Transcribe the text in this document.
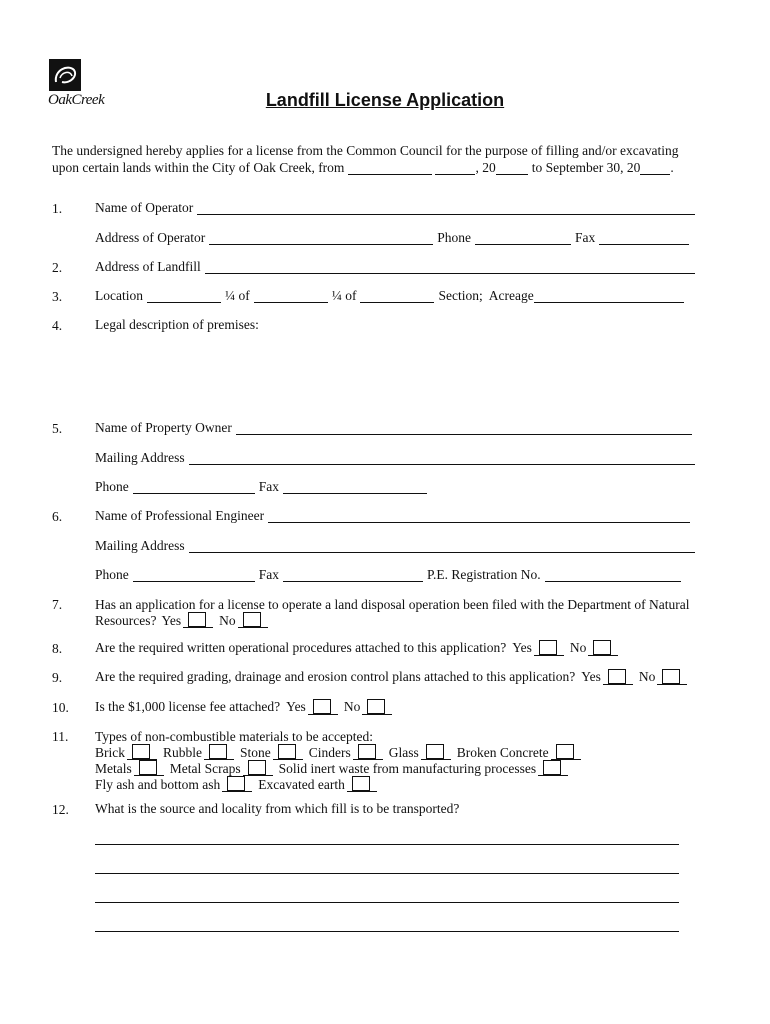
OakCreek	Landfill License Application
The undersigned hereby applies for a license from the Common Council for the purpose of filling and/or excavating
upon certain lands within the City of Oak Creek, from	, 20	to September 30, 20 .
1. Name of Operator
Address of Operator	Phone	Fax
2. Address of Landfill
3. Location	¼ of	¼ of	Section; Acreage
4. Legal description of premises:
5. Name of Property Owner
Mailing Address
Phone	Fax
6. Name of Professional Engineer
Mailing Address
Phone	Fax	P.E. Registration No.
7. Has an application for a license to operate a land disposal operation been filed with the Department of Natural
Resources? Yes	No
8. Are the required written operational procedures attached to this application? Yes	No
9. Are the required grading, drainage and erosion control plans attached to this application? Yes	No
10. Is the $1,000 license fee attached? Yes	No
11. Types of non-combustible materials to be accepted:
Brick	Rubble	Stone	Cinders	Glass	Broken Concrete
Metals	Metal Scraps	Solid inert waste from manufacturing processes
Fly ash and bottom ash	Excavated earth
12. What is the source and locality from which fill is to be transported?
